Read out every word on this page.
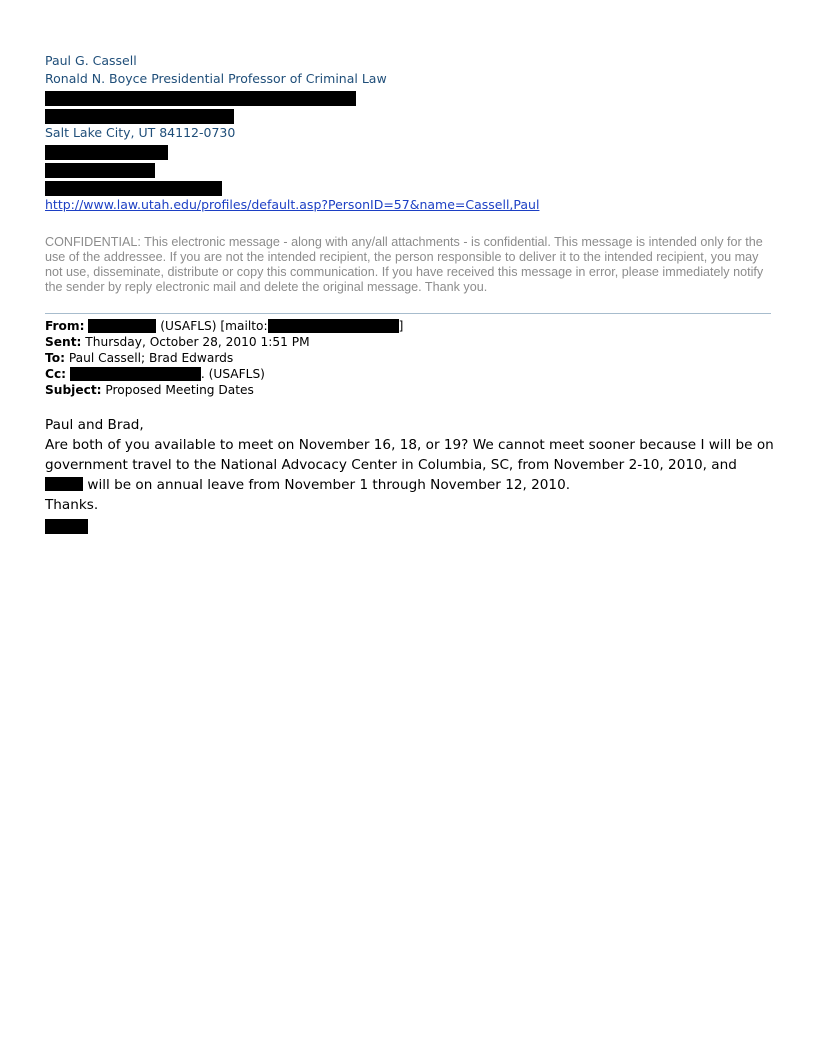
Paul G. Cassell
Ronald N. Boyce Presidential Professor of Criminal Law
Salt Lake City, UT 84112-0730
http://www.law.utah.edu/profiles/default.asp?PersonID=57&name=Cassell,Paul
CONFIDENTIAL: This electronic message - along with any/all attachments - is confidential. This message is intended only for the use of the addressee. If you are not the intended recipient, the person responsible to deliver it to the intended recipient, you may not use, disseminate, distribute or copy this communication. If you have received this message in error, please immediately notify the sender by reply electronic mail and delete the original message. Thank you.
From:	(USAFLS) [mailto:	]
Sent: Thursday, October 28, 2010 1:51 PM
To: Paul Cassell; Brad Edwards
Cc:	. (USAFLS)
Subject: Proposed Meeting Dates

Paul and Brad,

Are both of you available to meet on November 16, 18, or 19? We cannot meet sooner because I will be on government travel to the National Advocacy Center in Columbia, SC, from November 2-10, 2010, and  will be on annual leave from November 1 through November 12, 2010.

Thanks.
